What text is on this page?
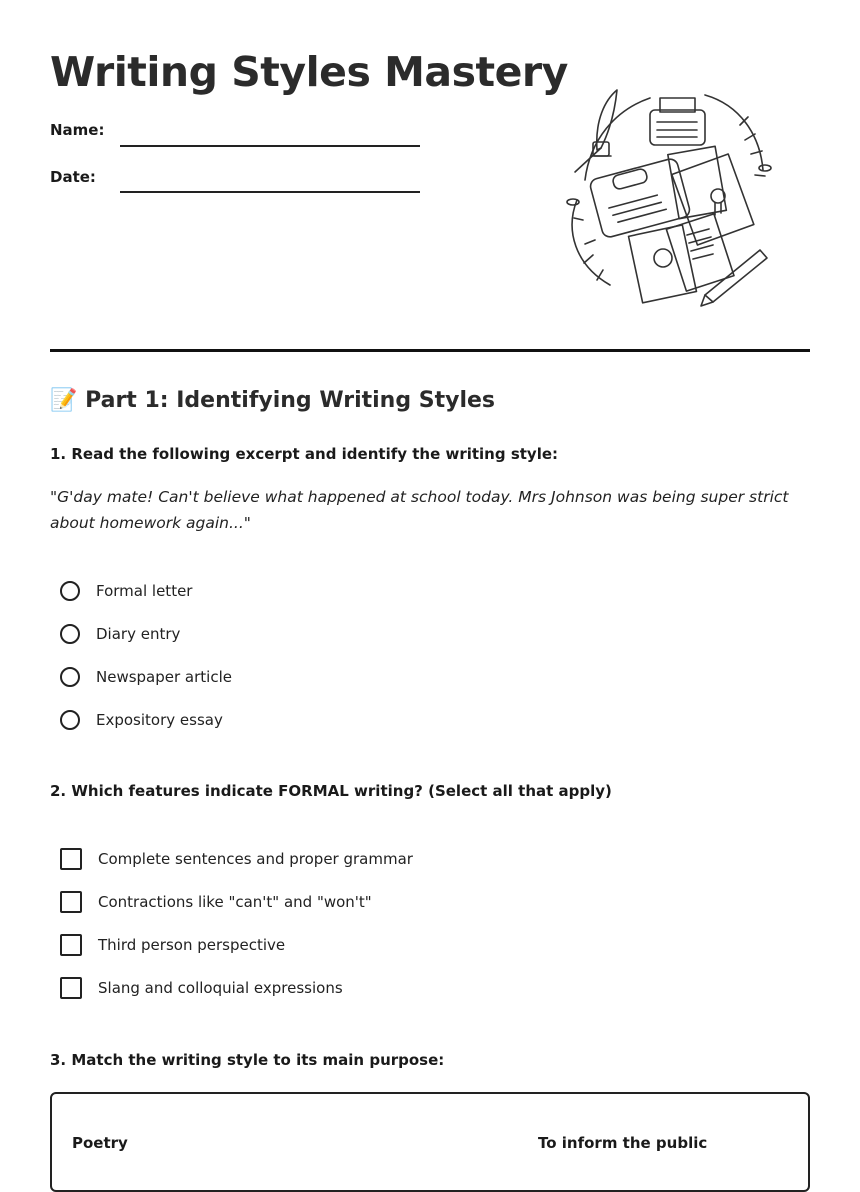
Writing Styles Mastery
Name:
Date:
📝 Part 1: Identifying Writing Styles

1. Read the following excerpt and identify the writing style:

"G'day mate! Can't believe what happened at school today. Mrs Johnson was being super strict about homework again..."

Formal letter
Diary entry
Newspaper article
Expository essay

2. Which features indicate FORMAL writing? (Select all that apply)

Complete sentences and proper grammar
Contractions like "can't" and "won't"
Third person perspective
Slang and colloquial expressions

3. Match the writing style to its main purpose:

Poetry	To inform the public
